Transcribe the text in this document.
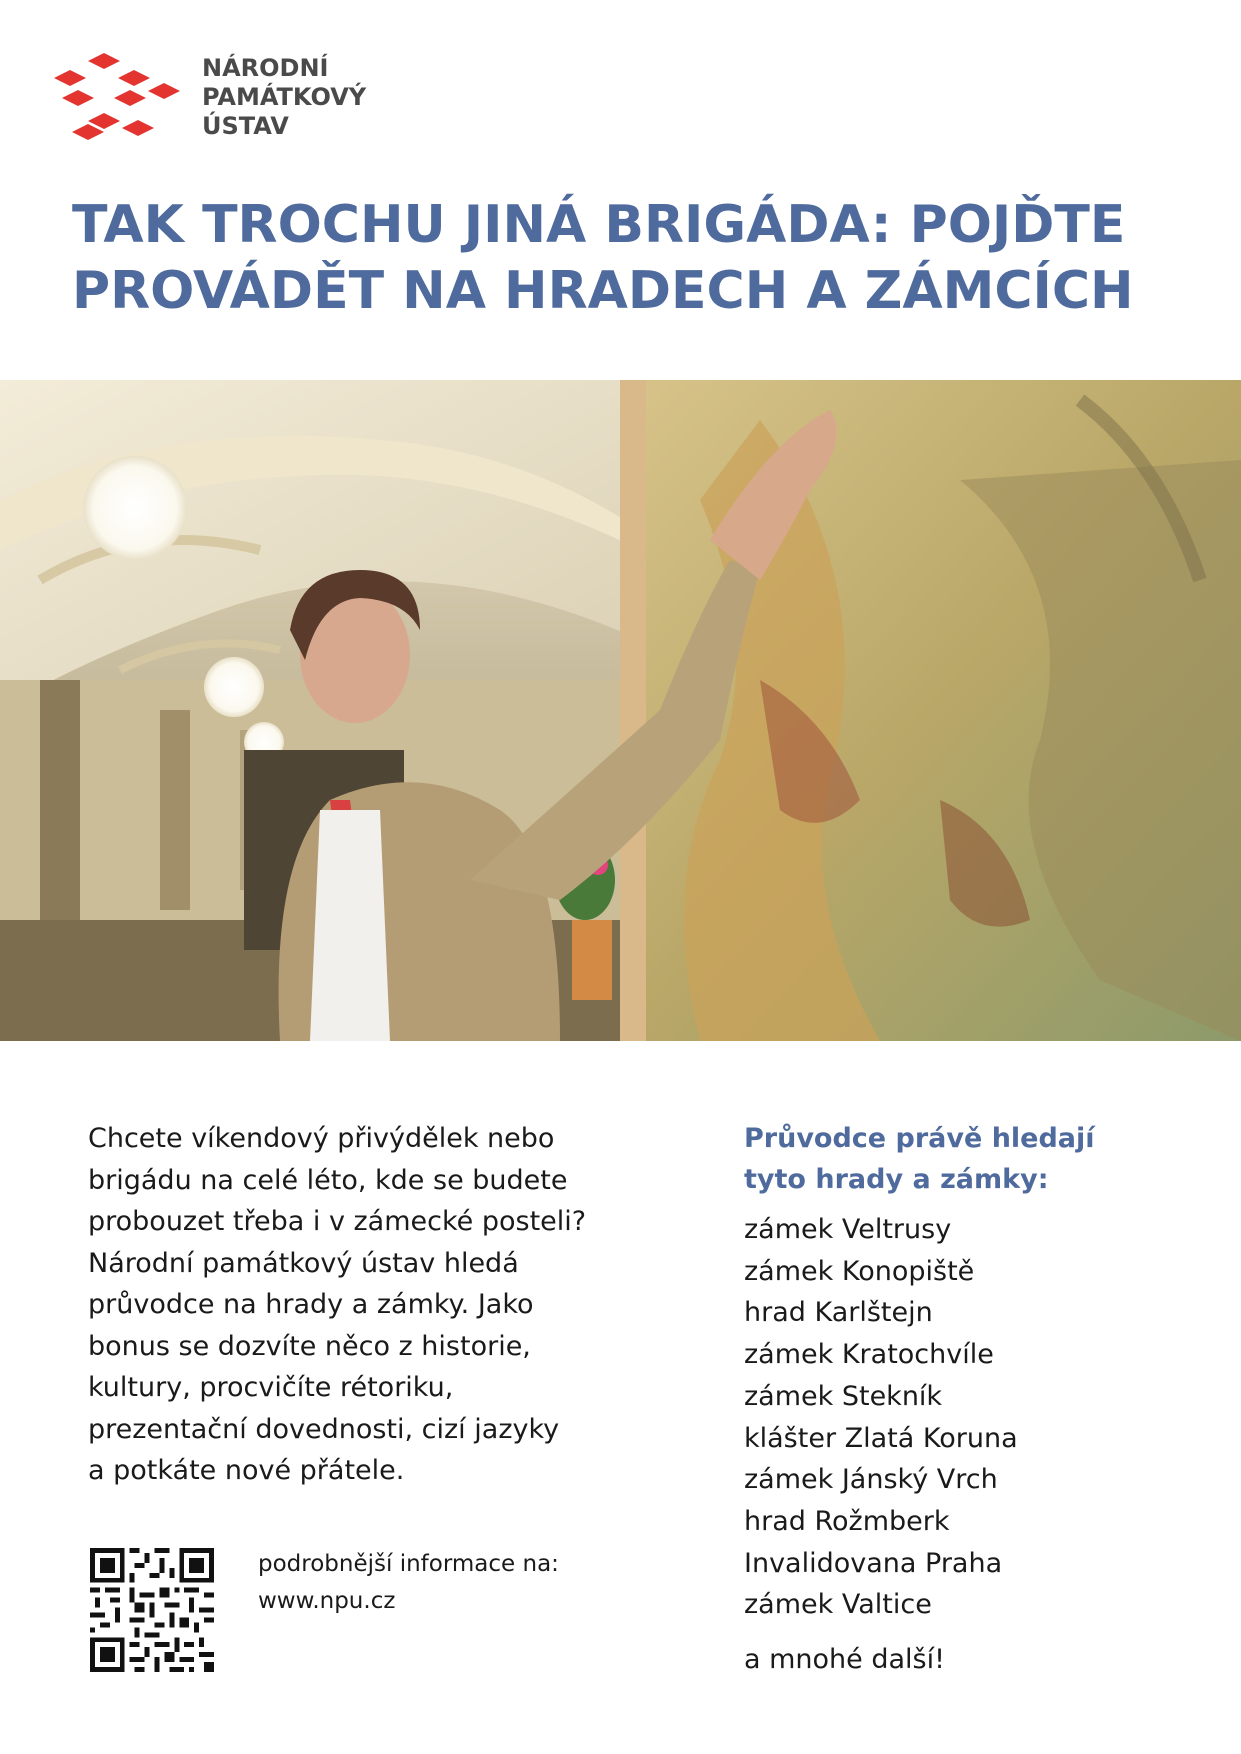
NÁRODNÍ
PAMÁTKOVÝ
ÚSTAV
TAK TROCHU JINÁ BRIGÁDA: POJĎTE
PROVÁDĚT NA HRADECH A ZÁMCÍCH
Chcete víkendový přivýdělek nebo
brigádu na celé léto, kde se budete
probouzet třeba i v zámecké posteli?
Národní památkový ústav hledá
průvodce na hrady a zámky. Jako
bonus se dozvíte něco z historie,
kultury, procvičíte rétoriku,
prezentační dovednosti, cizí jazyky
a potkáte nové přátele.
podrobnější informace na:
www.npu.cz
Průvodce právě hledají
tyto hrady a zámky:
zámek Veltrusy
zámek Konopiště
hrad Karlštejn
zámek Kratochvíle
zámek Stekník
klášter Zlatá Koruna
zámek Jánský Vrch
hrad Rožmberk
Invalidovana Praha
zámek Valtice
a mnohé další!
